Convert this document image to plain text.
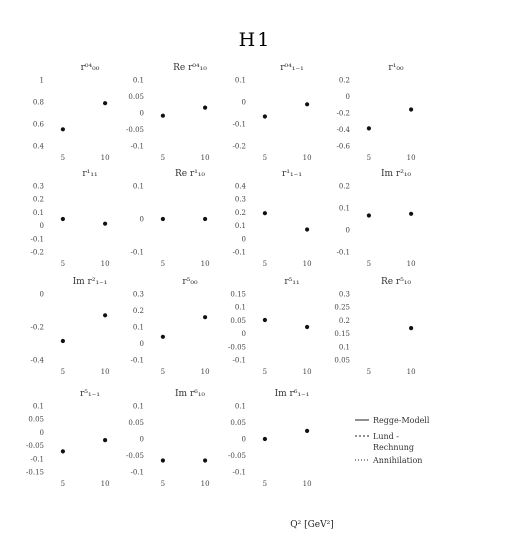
H1
r⁰⁴₀₀
1
0.8
0.6
0.4
5	10
Re r⁰⁴₁₀
0.1
0.05
0
-0.05
-0.1
5	10
r⁰⁴₁₋₁
0.1
0
-0.1
-0.2
5	10
r¹₀₀
0.2
0
-0.2
-0.4
-0.6
5	10
r¹₁₁
0.3
0.2
0.1
0
-0.1
-0.2
5	10
Re r¹₁₀
0.1
0
-0.1
5	10
r¹₁₋₁
0.4
0.3
0.2
0.1
0
-0.1
5	10
Im r²₁₀
0.2
0.1
0
-0.1
5	10
Im r²₁₋₁
0
-0.2
-0.4
5	10
r⁵₀₀
0.3
0.2
0.1
0
-0.1
5	10
r⁵₁₁
0.15
0.1
0.05
0
-0.05
-0.1
5	10
Re r⁵₁₀
0.3
0.25
0.2
0.15
0.1
0.05
5	10
r⁵₁₋₁
0.1
0.05
0
-0.05
-0.1
-0.15
5	10
Im r⁶₁₀
0.1
0.05
0
-0.05
-0.1
5	10
Im r⁶₁₋₁
0.1
0.05
0
-0.05
-0.1
5	10
Regge-Modell
Lund -Rechnung
Annihilation
Q² [GeV²]
